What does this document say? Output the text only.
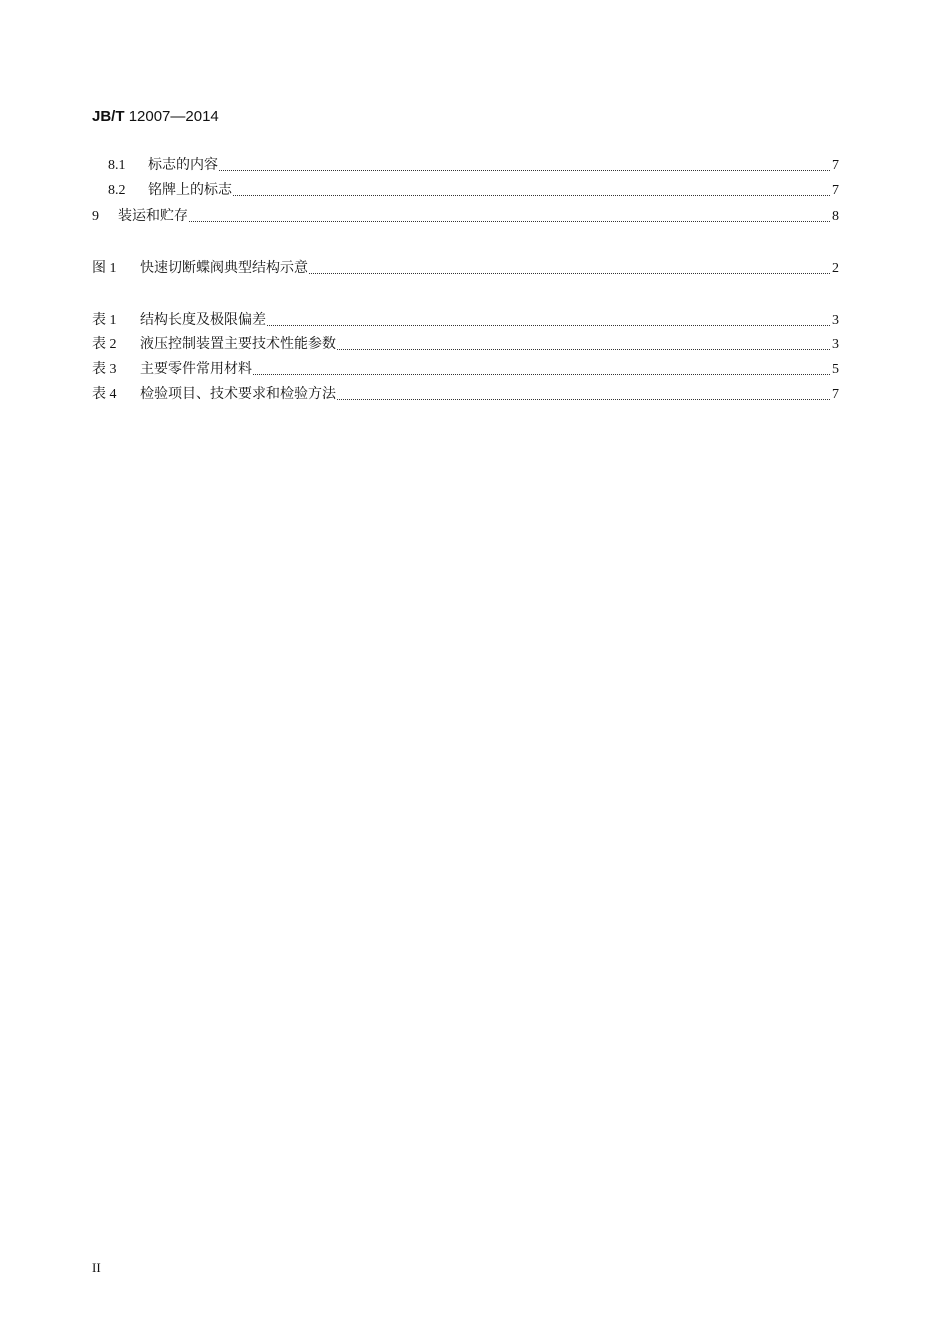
JB/T 12007—2014
8.1	标志的内容	7
8.2	铭牌上的标志	7
9	装运和贮存	8
图 1	快速切断蝶阀典型结构示意	2
表 1	结构长度及极限偏差	3
表 2	液压控制装置主要技术性能参数	3
表 3	主要零件常用材料	5
表 4	检验项目、技术要求和检验方法	7
II
